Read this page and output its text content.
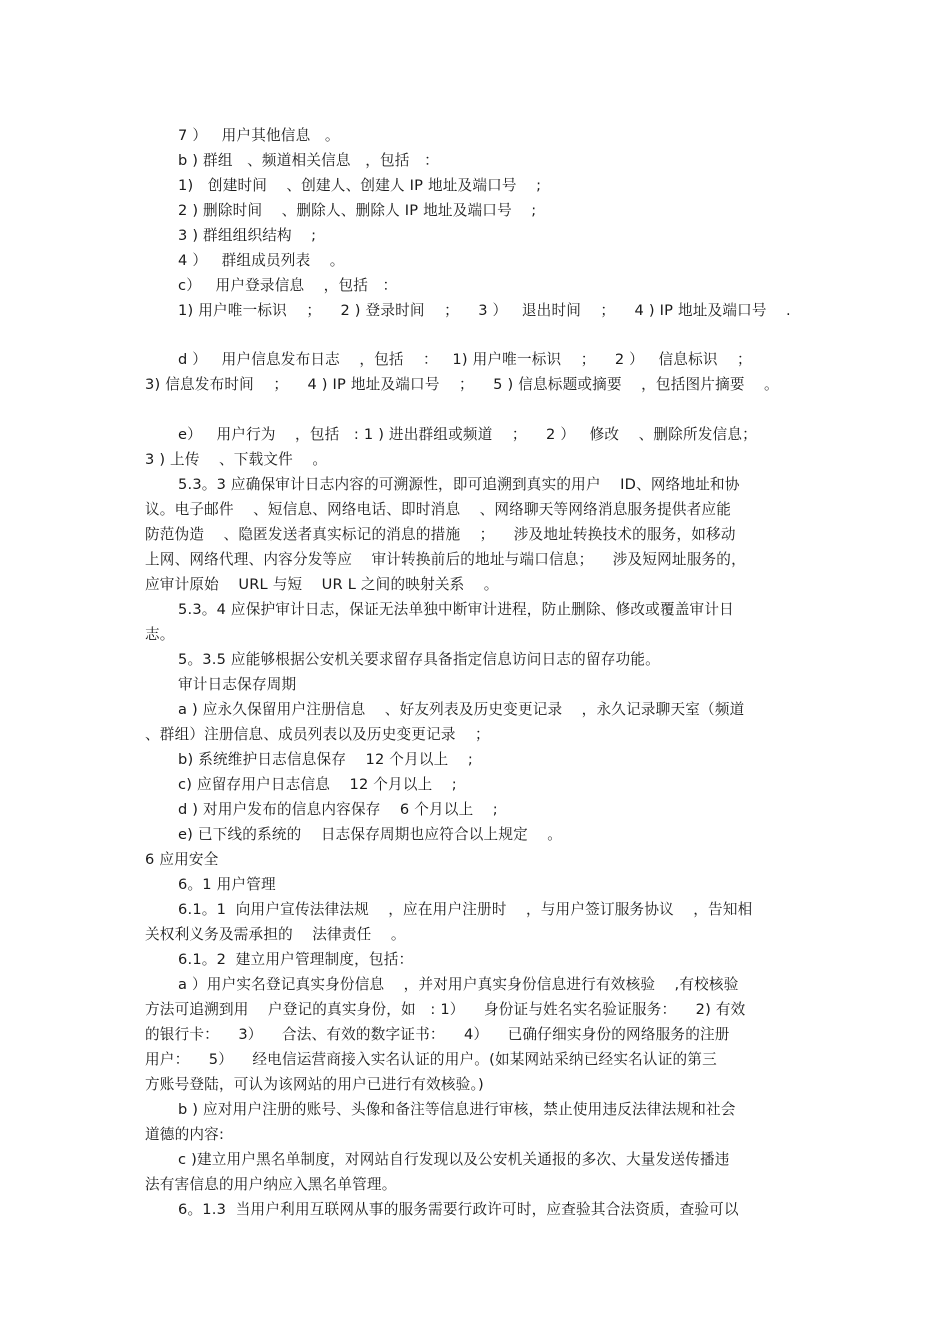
7 ）   用户其他信息   。
b ) 群组   、频道相关信息   ，包括   ：
1)   创建时间    、创建人、创建人 IP 地址及端口号    ;
2 ) 删除时间    、删除人、删除人 IP 地址及端口号    ;
3 ) 群组组织结构    ;
4 ）   群组成员列表    。
c）   用户登录信息    ，包括   ：
1) 用户唯一标识    ；    2 ) 登录时间    ；    3 ）   退出时间    ；    4 ) IP 地址及端口号    .
d ）   用户信息发布日志    ，包括    ：   1) 用户唯一标识    ；    2 ）   信息标识    ；
3) 信息发布时间    ；    4 ) IP 地址及端口号    ；    5 ) 信息标题或摘要    ，包括图片摘要    。
e）   用户行为    ，包括   : 1 ) 进出群组或频道    ；    2 ）   修改    、删除所发信息；
3 ) 上传    、下载文件    。
5.3。3 应确保审计日志内容的可溯源性，即可追溯到真实的用户    ID、网络地址和协
议。电子邮件    、短信息、网络电话、即时消息    、网络聊天等网络消息服务提供者应能
防范伪造    、隐匿发送者真实标记的消息的措施    ；    涉及地址转换技术的服务，如移动
上网、网络代理、内容分发等应    审计转换前后的地址与端口信息；    涉及短网址服务的，
应审计原始    URL 与短    UR L 之间的映射关系    。
5.3。4 应保护审计日志，保证无法单独中断审计进程，防止删除、修改或覆盖审计日
志。
5。3.5 应能够根据公安机关要求留存具备指定信息访问日志的留存功能。
审计日志保存周期
a ) 应永久保留用户注册信息    、好友列表及历史变更记录    ，永久记录聊天室（频道
、群组）注册信息、成员列表以及历史变更记录    ；
b) 系统维护日志信息保存    12 个月以上    ;
c) 应留存用户日志信息    12 个月以上    ;
d ) 对用户发布的信息内容保存    6 个月以上    ;
e) 已下线的系统的    日志保存周期也应符合以上规定    。
6 应用安全
6。1 用户管理
6.1。1  向用户宣传法律法规    ，应在用户注册时    ，与用户签订服务协议    ，告知相
关权利义务及需承担的    法律责任    。
6.1。2  建立用户管理制度，包括：
a ）用户实名登记真实身份信息    ，并对用户真实身份信息进行有效核验    ,有校核验
方法可追溯到用    户登记的真实身份，如   : 1）    身份证与姓名实名验证服务：    2) 有效
的银行卡：    3）    合法、有效的数字证书：    4）    已确仔细实身份的网络服务的注册
用户：    5）    经电信运营商接入实名认证的用户。(如某网站采纳已经实名认证的第三
方账号登陆，可认为该网站的用户已进行有效核验。)
b ) 应对用户注册的账号、头像和备注等信息进行审核，禁止使用违反法律法规和社会
道德的内容:
c )建立用户黑名单制度，对网站自行发现以及公安机关通报的多次、大量发送传播违
法有害信息的用户纳应入黑名单管理。
6。1.3  当用户利用互联网从事的服务需要行政许可时，应查验其合法资质，查验可以
